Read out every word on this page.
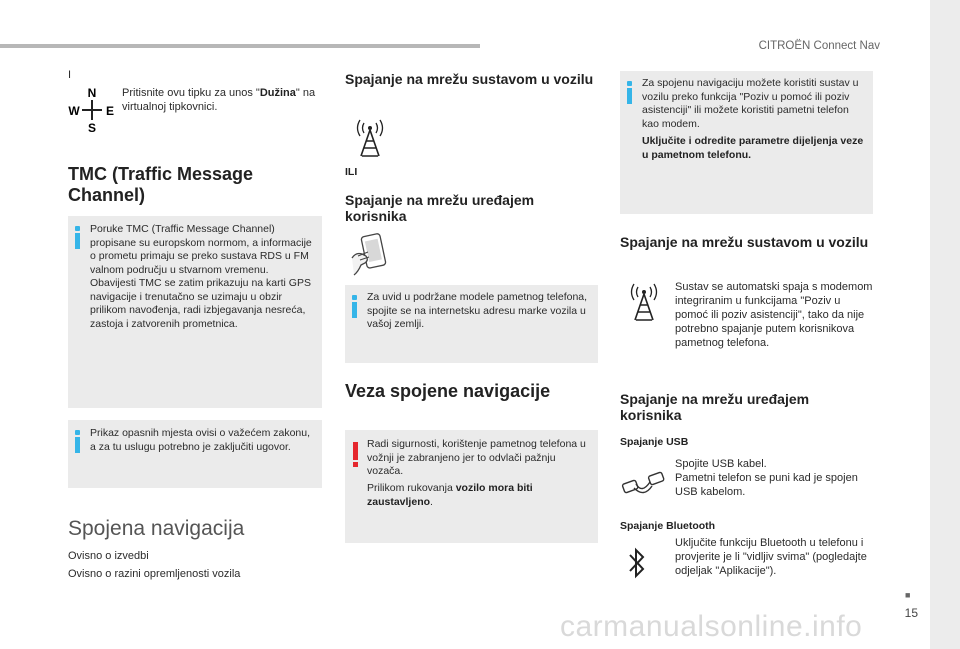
CITROËN Connect Nav
■
15
I
N
W E
S
Pritisnite ovu tipku za unos "Dužina" na virtualnoj tipkovnici.
TMC (Traffic Message Channel)
Poruke TMC (Traffic Message Channel) propisane su europskom normom, a informacije o prometu primaju se preko sustava RDS u FM valnom području u stvarnom vremenu.
Obavijesti TMC se zatim prikazuju na karti GPS navigacije i trenutačno se uzimaju u obzir prilikom navođenja, radi izbjegavanja nesreća, zastoja i zatvorenih prometnica.
Prikaz opasnih mjesta ovisi o važećem zakonu, a za tu uslugu potrebno je zaključiti ugovor.
Spojena navigacija
Ovisno o izvedbi
Ovisno o razini opremljenosti vozila
Spajanje na mrežu sustavom u vozilu
ILI
Spajanje na mrežu uređajem korisnika
Za uvid u podržane modele pametnog telefona, spojite se na internetsku adresu marke vozila u vašoj zemlji.
Veza spojene navigacije
Radi sigurnosti, korištenje pametnog telefona u vožnji je zabranjeno jer to odvlači pažnju vozača.
Prilikom rukovanja vozilo mora biti zaustavljeno.
Za spojenu navigaciju možete koristiti sustav u vozilu preko funkcija "Poziv u pomoć ili poziv asistenciji" ili možete koristiti pametni telefon kao modem.
Uključite i odredite parametre dijeljenja veze u pametnom telefonu.
Spajanje na mrežu sustavom u vozilu
Sustav se automatski spaja s modemom integriranim u funkcijama "Poziv u pomoć ili poziv asistenciji", tako da nije potrebno spajanje putem korisnikova pametnog telefona.
Spajanje na mrežu uređajem korisnika
Spajanje USB
Spojite USB kabel.
Pametni telefon se puni kad je spojen USB kabelom.
Spajanje Bluetooth
Uključite funkciju Bluetooth u telefonu i provjerite je li "vidljiv svima" (pogledajte odjeljak "Aplikacije").
carmanualsonline.info
